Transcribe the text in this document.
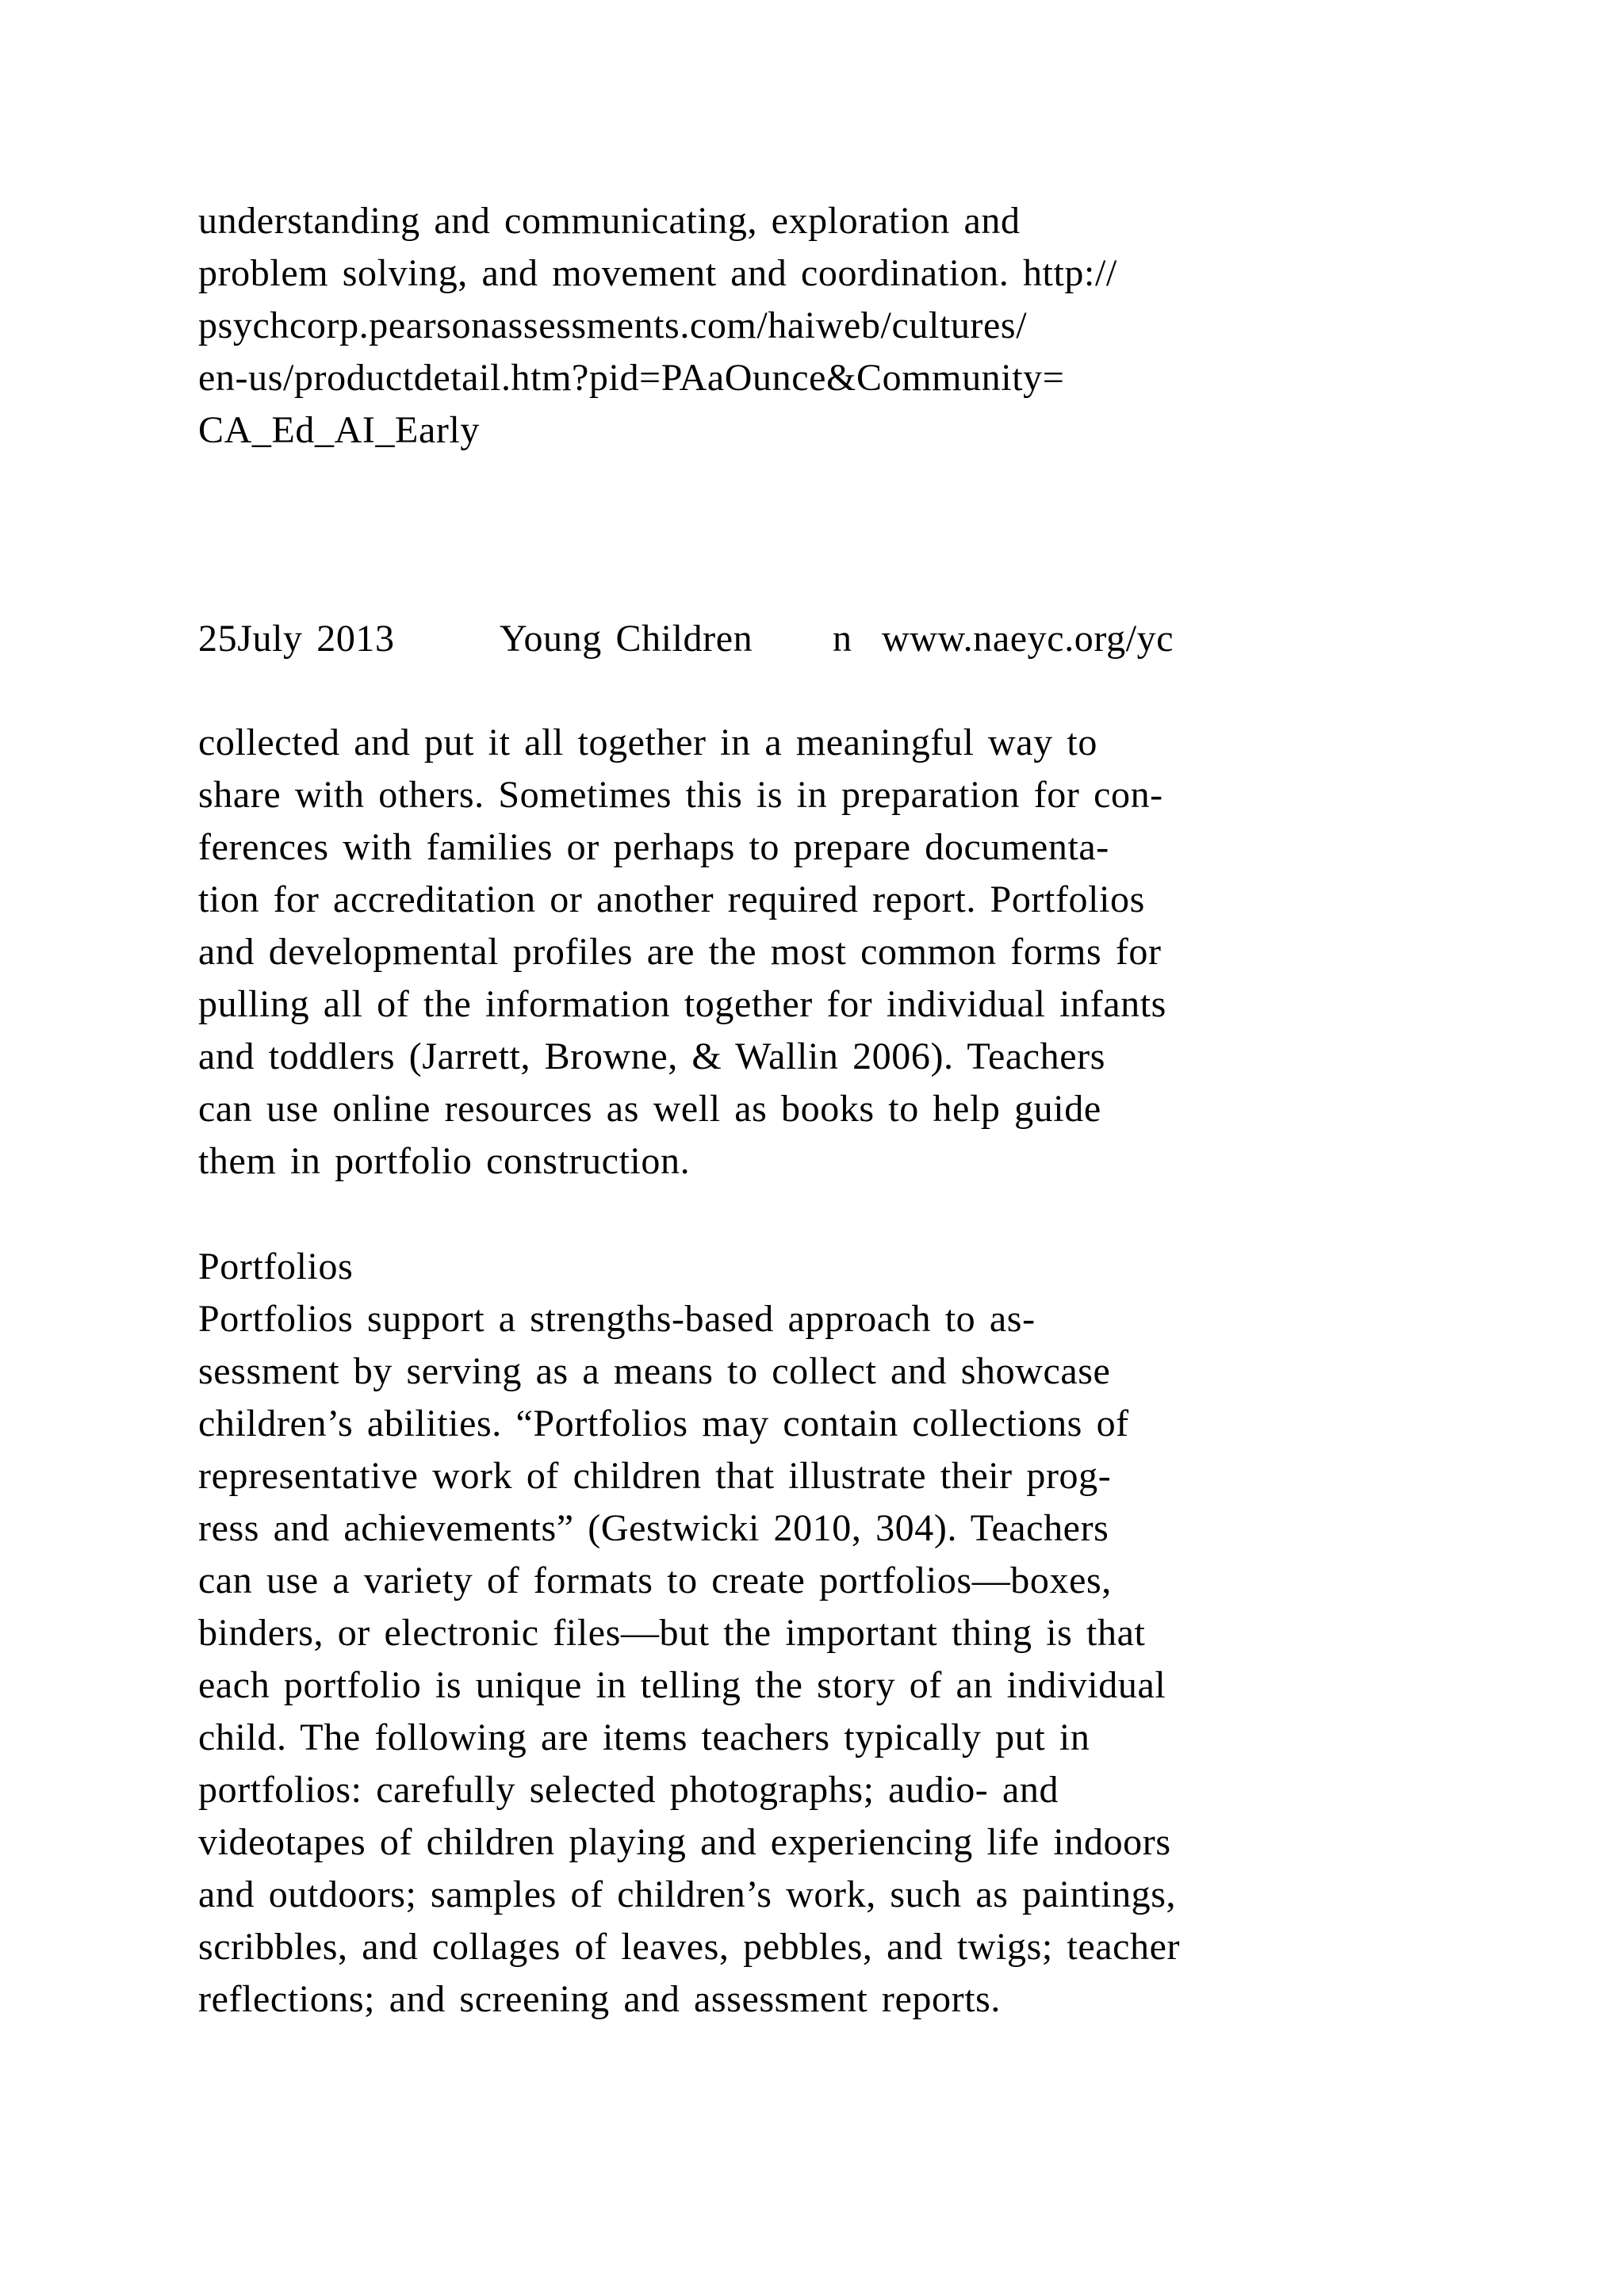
understanding and communicating, exploration and
problem solving, and movement and coordination. http://
psychcorp.pearsonassessments.com/haiweb/cultures/
en-us/productdetail.htm?pid=PAaOunce&Community=
CA_Ed_AI_Early
25July 2013	Young Children n www.naeyc.org/yc
collected and put it all together in a meaningful way to
share with others. Sometimes this is in preparation for con-
ferences with families or perhaps to prepare documenta-
tion for accreditation or another required report. Portfolios
and developmental profiles are the most common forms for
pulling all of the information together for individual infants
and toddlers (Jarrett, Browne, & Wallin 2006). Teachers
can use online resources as well as books to help guide
them in portfolio construction.
Portfolios
Portfolios support a strengths-based approach to as-
sessment by serving as a means to collect and showcase
children’s abilities. “Portfolios may contain collections of
representative work of children that illustrate their prog-
ress and achievements” (Gestwicki 2010, 304). Teachers
can use a variety of formats to create portfolios—boxes,
binders, or electronic files—but the important thing is that
each portfolio is unique in telling the story of an individual
child. The following are items teachers typically put in
portfolios: carefully selected photographs; audio- and
videotapes of children playing and experiencing life indoors
and outdoors; samples of children’s work, such as paintings,
scribbles, and collages of leaves, pebbles, and twigs; teacher
reflections; and screening and assessment reports.
